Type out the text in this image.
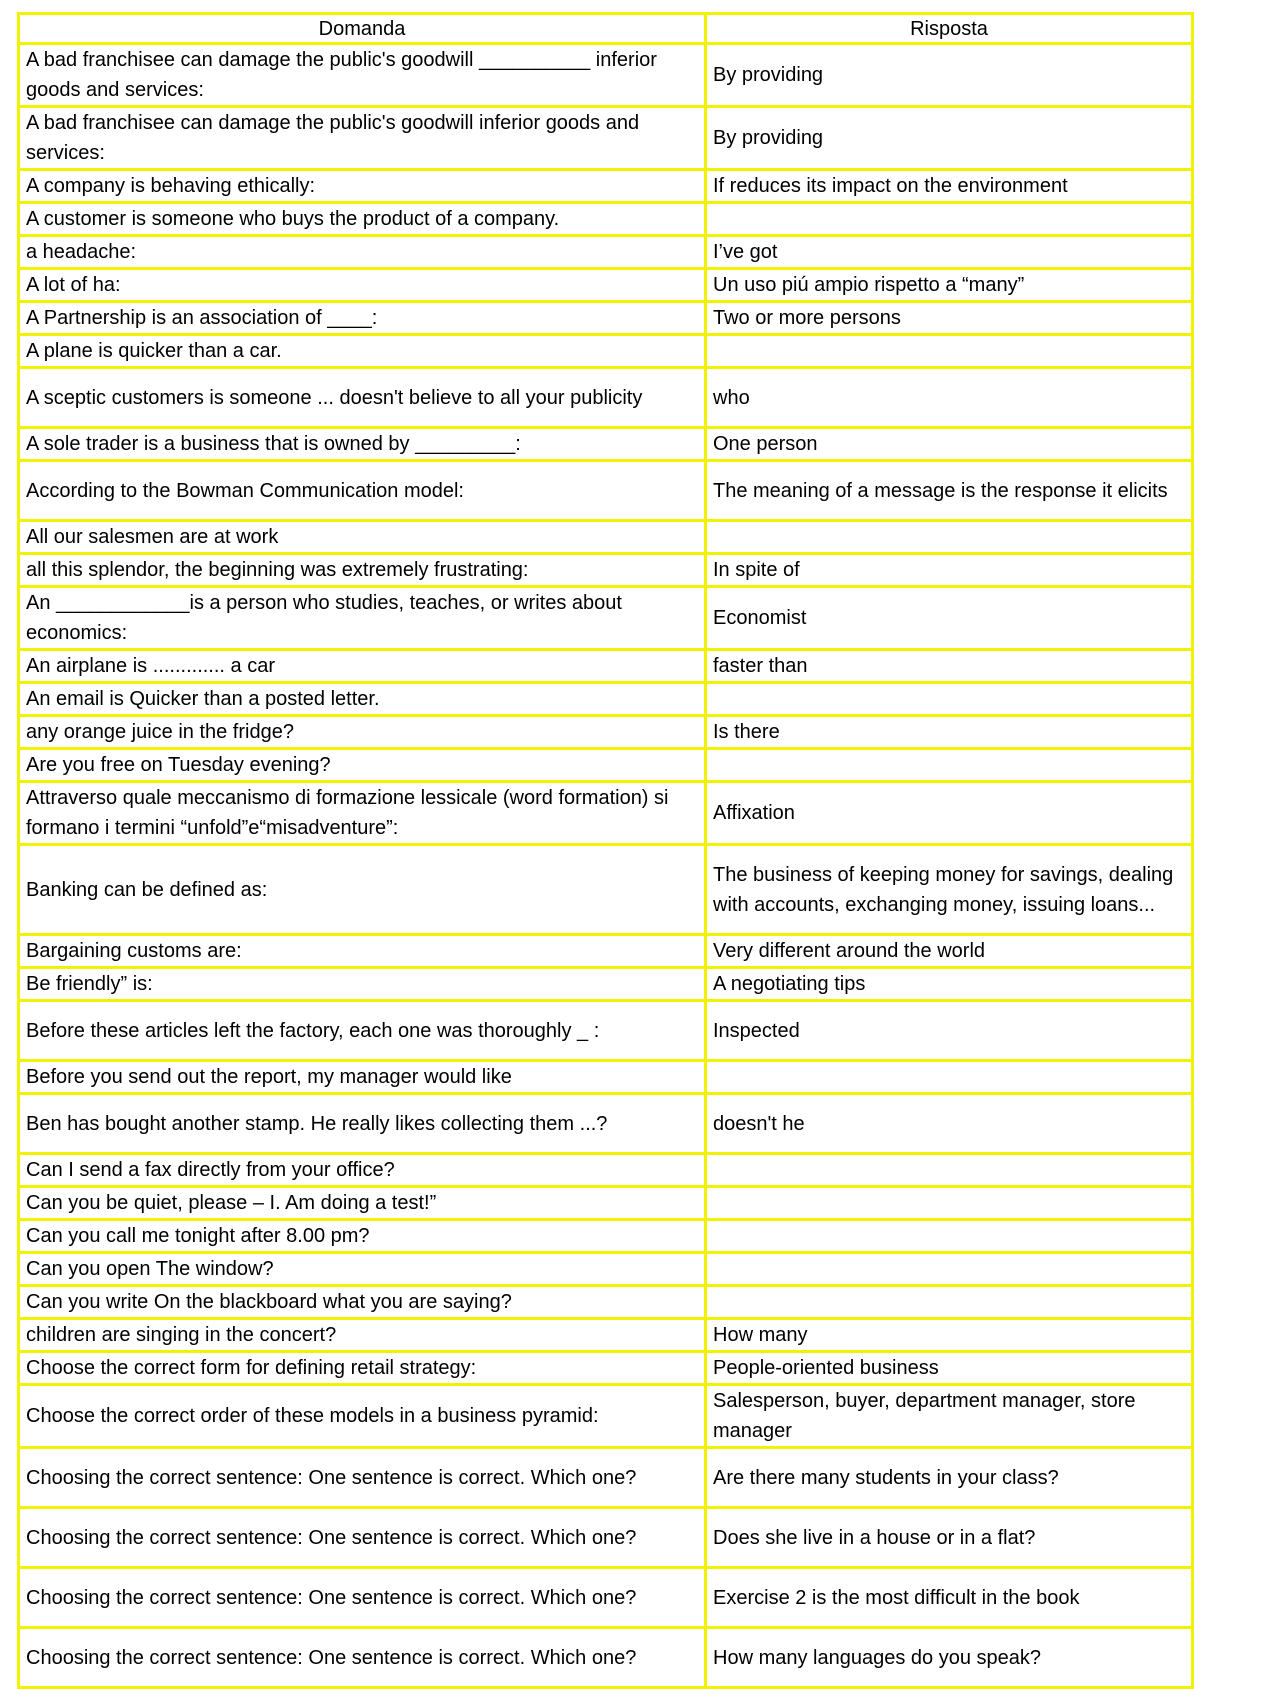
Domanda	Risposta
A bad franchisee can damage the public's goodwill __________ inferior goods and services:	By providing
A bad franchisee can damage the public's goodwill inferior goods and services:	By providing
A company is behaving ethically:	If reduces its impact on the environment
A customer is someone who buys the product of a company.	
a headache:	I’ve got
A lot of ha:	Un uso piú ampio rispetto a “many”
A Partnership is an association of ____:	Two or more persons
A plane is quicker than a car.	
A sceptic customers is someone ... doesn't believe to all your publicity	who
A sole trader is a business that is owned by _________:	One person
According to the Bowman Communication model:	The meaning of a message is the response it elicits
All our salesmen are at work	
all this splendor, the beginning was extremely frustrating:	In spite of
An ____________is a person who studies, teaches, or writes about economics:	Economist
An airplane is ............. a car	faster than
An email is Quicker than a posted letter.	
any orange juice in the fridge?	Is there
Are you free on Tuesday evening?	
Attraverso quale meccanismo di formazione lessicale (word formation) si formano i termini “unfold”e“misadventure”:	Affixation
Banking can be defined as:	The business of keeping money for savings, dealing with accounts, exchanging money, issuing loans...
Bargaining customs are:	Very different around the world
Be friendly” is:	A negotiating tips
Before these articles left the factory, each one was thoroughly _ :	Inspected
Before you send out the report, my manager would like	
Ben has bought another stamp. He really likes collecting them ...?	doesn't he
Can I send a fax directly from your office?	
Can you be quiet, please – I. Am doing a test!”	
Can you call me tonight after 8.00 pm?	
Can you open The window?	
Can you write On the blackboard what you are saying?	
children are singing in the concert?	How many
Choose the correct form for defining retail strategy:	People-oriented business
Choose the correct order of these models in a business pyramid:	Salesperson, buyer, department manager, store manager
Choosing the correct sentence: One sentence is correct. Which one?	Are there many students in your class?
Choosing the correct sentence: One sentence is correct. Which one?	Does she live in a house or in a flat?
Choosing the correct sentence: One sentence is correct. Which one?	Exercise 2 is the most difficult in the book
Choosing the correct sentence: One sentence is correct. Which one?	How many languages do you speak?
